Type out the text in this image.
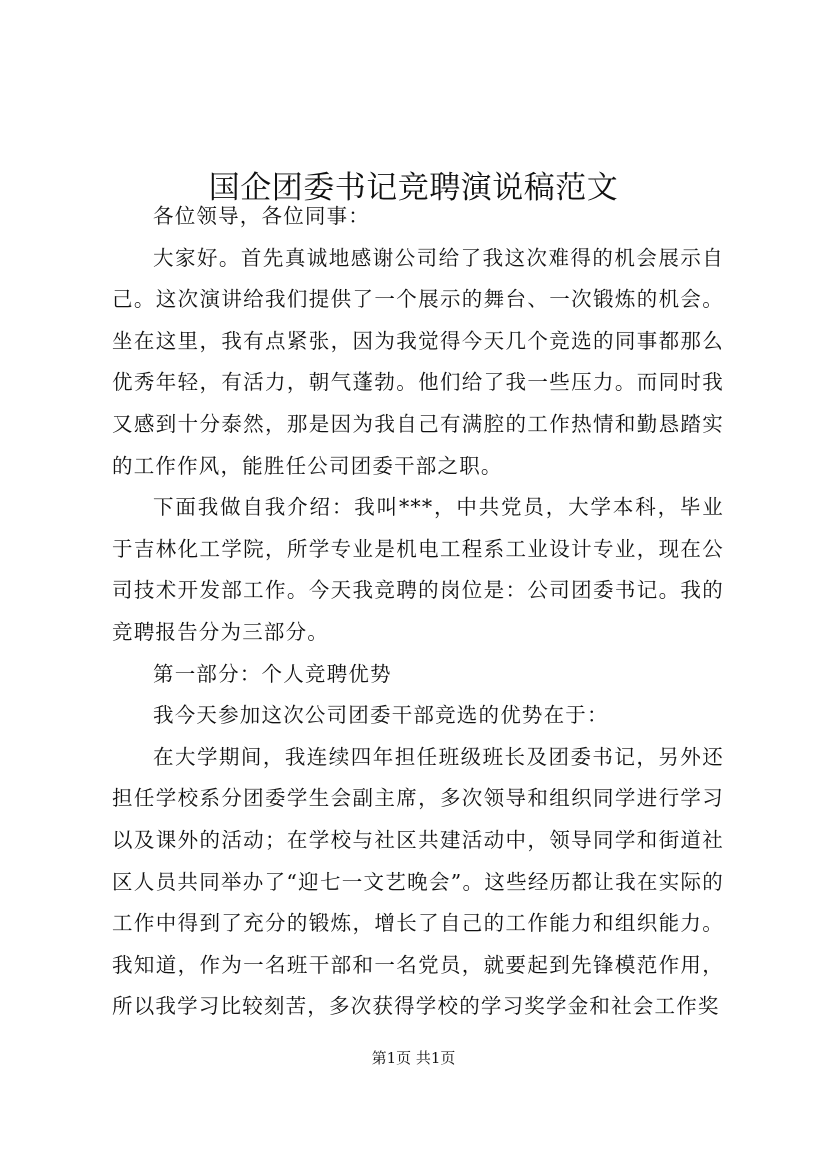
国企团委书记竞聘演说稿范文

各位领导，各位同事：

大家好。首先真诚地感谢公司给了我这次难得的机会展示自己。这次演讲给我们提供了一个展示的舞台、一次锻炼的机会。坐在这里，我有点紧张，因为我觉得今天几个竞选的同事都那么优秀年轻，有活力，朝气蓬勃。他们给了我一些压力。而同时我又感到十分泰然，那是因为我自己有满腔的工作热情和勤恳踏实的工作作风，能胜任公司团委干部之职。

下面我做自我介绍：我叫***，中共党员，大学本科，毕业于吉林化工学院，所学专业是机电工程系工业设计专业，现在公司技术开发部工作。今天我竞聘的岗位是：公司团委书记。我的竞聘报告分为三部分。

第一部分：个人竞聘优势

我今天参加这次公司团委干部竞选的优势在于：

在大学期间，我连续四年担任班级班长及团委书记，另外还担任学校系分团委学生会副主席，多次领导和组织同学进行学习以及课外的活动；在学校与社区共建活动中，领导同学和街道社区人员共同举办了“迎七一文艺晚会”。这些经历都让我在实际的工作中得到了充分的锻炼，增长了自己的工作能力和组织能力。我知道，作为一名班干部和一名党员，就要起到先锋模范作用，所以我学习比较刻苦，多次获得学校的学习奖学金和社会工作奖

第1页 共1页
